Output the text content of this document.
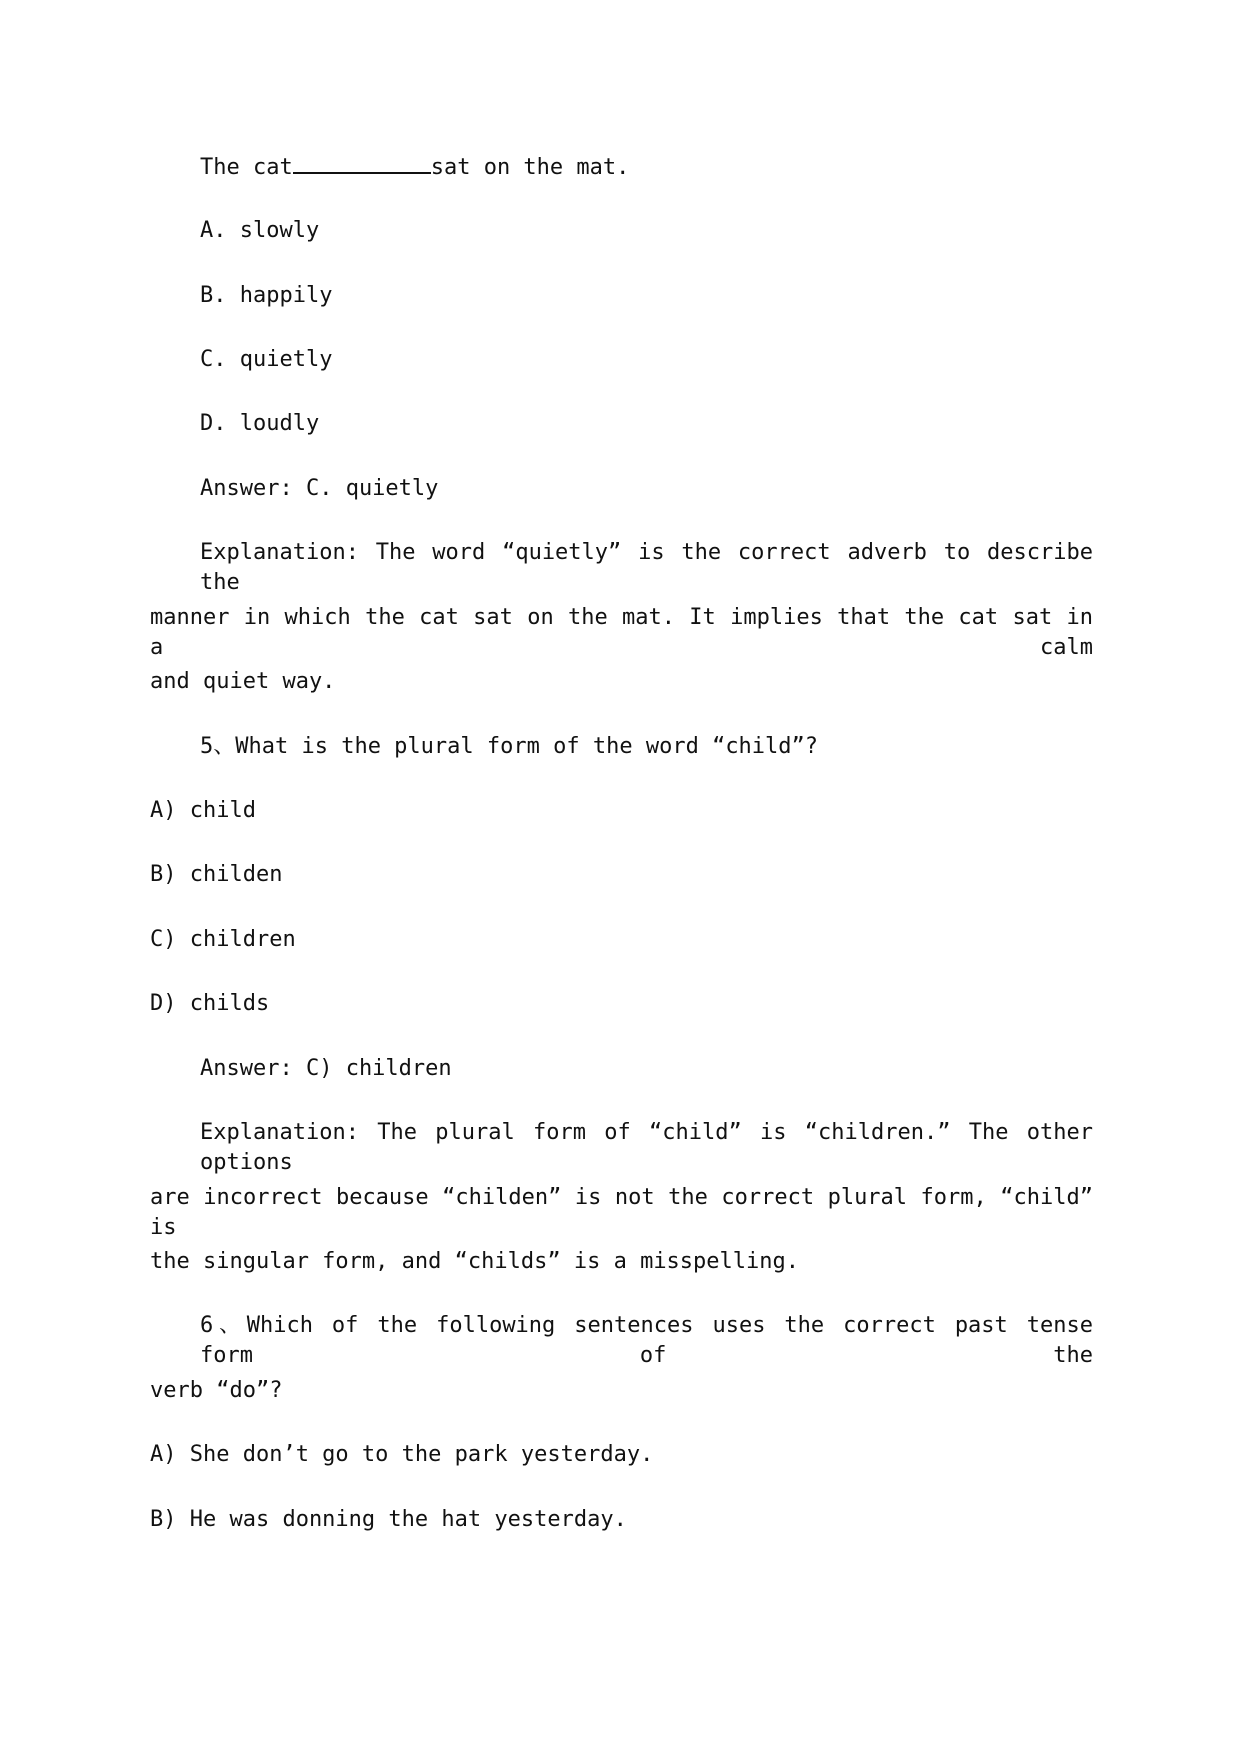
The cat	sat on the mat.
A. slowly
B. happily
C. quietly
D. loudly
Answer: C. quietly
Explanation: The word “quietly” is the correct adverb to describe the
manner in which the cat sat on the mat. It implies that the cat sat in a calm
and quiet way.
5、What is the plural form of the word “child”?
A) child
B) childen
C) children
D) childs
Answer: C) children
Explanation: The plural form of “child” is “children.” The other options
are incorrect because “childen” is not the correct plural form, “child” is
the singular form, and “childs” is a misspelling.
6、Which of the following sentences uses the correct past tense form of the
verb “do”?
A) She don’t go to the park yesterday.
B) He was donning the hat yesterday.
